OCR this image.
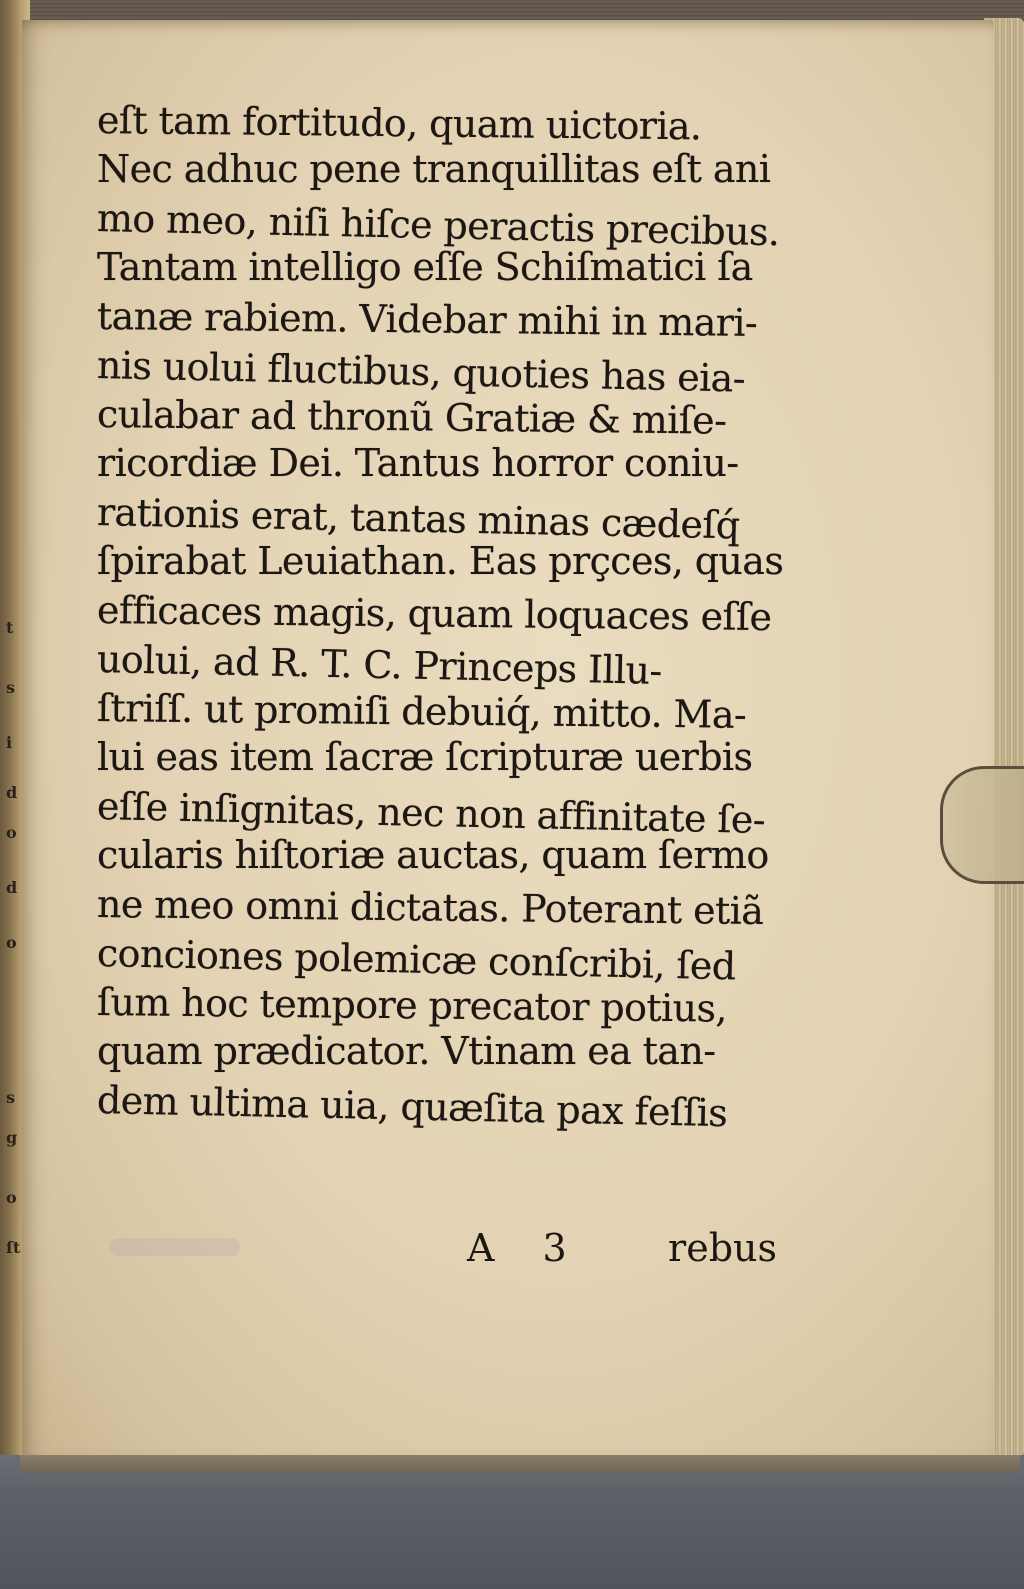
t
s
i
d
o
d
o
s
g
o
ſt
eſt tam fortitudo, quam uictoria.
Nec adhuc pene tranquillitas eſt ani
mo meo, niſi hiſce peractis precibus.
Tantam intelligo eſſe Schiſmatici ſa
tanæ rabiem. Videbar mihi in mari-
nis uolui fluctibus, quoties has eia-
culabar ad thronũ Gratiæ & miſe-
ricordiæ Dei. Tantus horror coniu-
rationis erat, tantas minas cædeſq́
ſpirabat Leuiathan. Eas prçces, quas
efficaces magis, quam loquaces eſſe
uolui, ad R. T. C. Princeps Illu-
ſtriſſ. ut promiſi debuiq́, mitto. Ma-
lui eas item ſacræ ſcripturæ uerbis
eſſe inſignitas, nec non affinitate ſe-
cularis hiſtoriæ auctas, quam ſermo
ne meo omni dictatas. Poterant etiã
conciones polemicæ conſcribi, ſed
ſum hoc tempore precator potius,
quam prædicator. Vtinam ea tan-
dem ultima uia, quæſita pax feſſis
A 3 rebus
